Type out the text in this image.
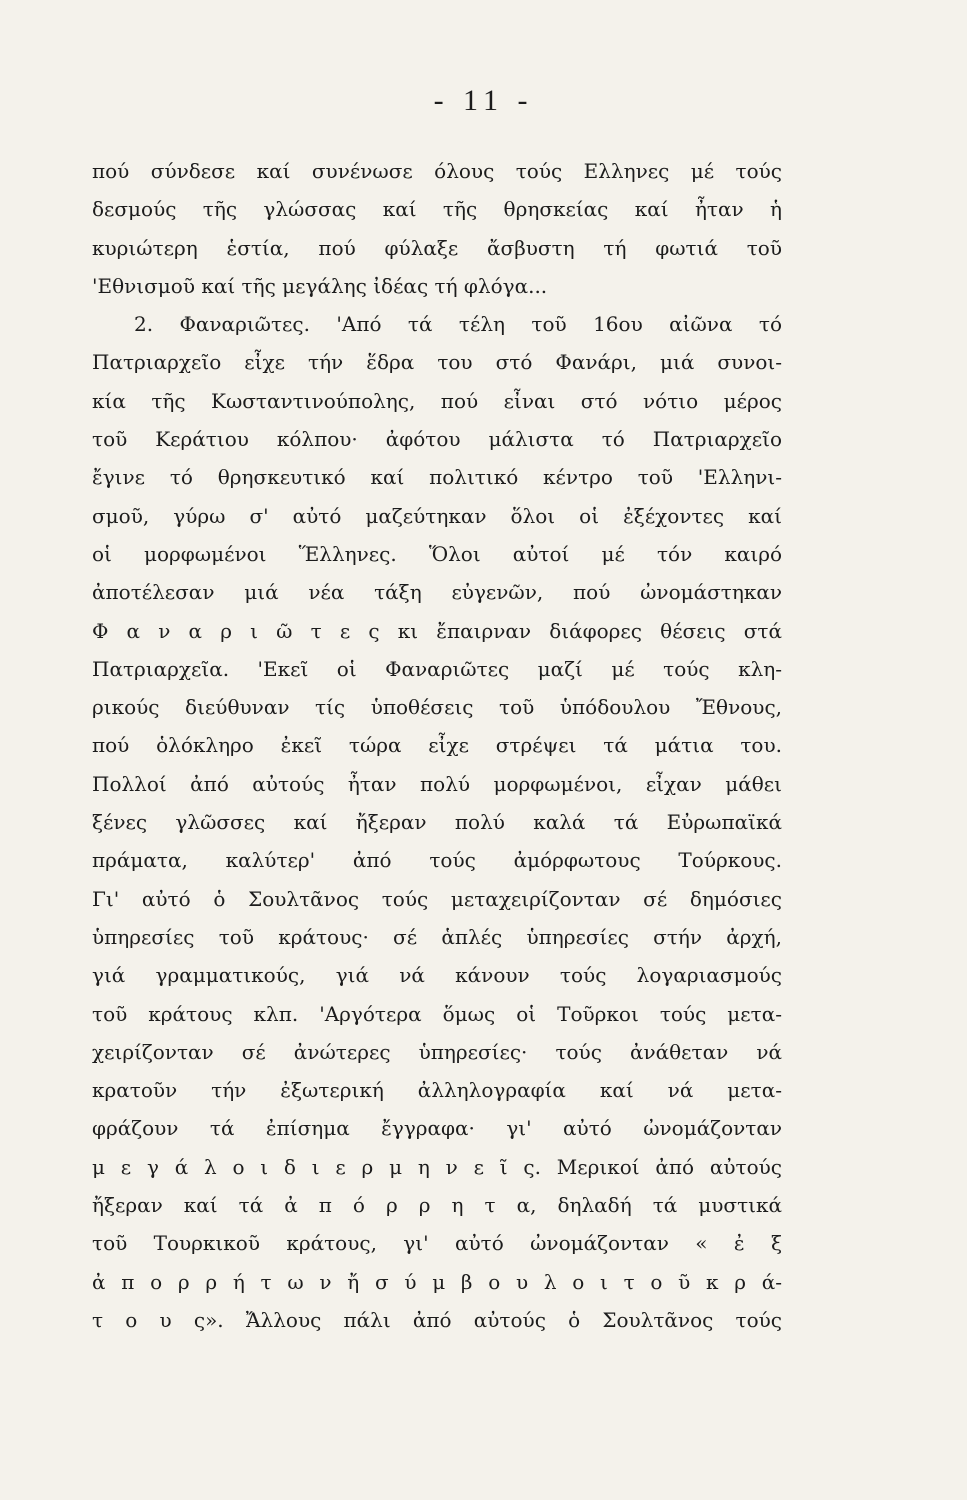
- 11 -
πού σύνδεσε καί συνένωσε όλους τούς Ελληνες μέ τούς
δεσμούς τῆς γλώσσας καί τῆς θρησκείας καί ἦταν ἡ
κυριώτερη ἑστία, πού φύλαξε ἄσβυστη τή φωτιά τοῦ
'Εθνισμοῦ καί τῆς μεγάλης ἰδέας τή φλόγα...
2. Φαναριῶτες. 'Από τά τέλη τοῦ 16ου αἰῶνα τό
Πατριαρχεῖο εἶχε τήν ἕδρα του στό Φανάρι, μιά συνοι-
κία τῆς Κωσταντινούπολης, πού εἶναι στό νότιο μέρος
τοῦ Κεράτιου κόλπου· ἀφότου μάλιστα τό Πατριαρχεῖο
ἔγινε τό θρησκευτικό καί πολιτικό κέντρο τοῦ 'Ελληνι-
σμοῦ, γύρω σ' αὐτό μαζεύτηκαν ὅλοι οἱ ἐξέχοντες καί
οἱ μορφωμένοι Ἕλληνες. Ὅλοι αὐτοί μέ τόν καιρό
ἀποτέλεσαν μιά νέα τάξη εὐγενῶν, πού ὠνομάστηκαν
Φ α ν α ρ ι ῶ τ ε ς κι ἔπαιρναν διάφορες θέσεις στά
Πατριαρχεῖα. 'Εκεῖ οἱ Φαναριῶτες μαζί μέ τούς κλη-
ρικούς διεύθυναν τίς ὑποθέσεις τοῦ ὑπόδουλου Ἔθνους,
πού ὁλόκληρο ἐκεῖ τώρα εἶχε στρέψει τά μάτια του.
Πολλοί ἀπό αὐτούς ἦταν πολύ μορφωμένοι, εἶχαν μάθει
ξένες γλῶσσες καί ἤξεραν πολύ καλά τά Εὐρωπαϊκά
πράματα, καλύτερ' ἀπό τούς ἀμόρφωτους Τούρκους.
Γι' αὐτό ὁ Σουλτᾶνος τούς μεταχειρίζονταν σέ δημόσιες
ὑπηρεσίες τοῦ κράτους· σέ ἁπλές ὑπηρεσίες στήν ἀρχή,
γιά γραμματικούς, γιά νά κάνουν τούς λογαριασμούς
τοῦ κράτους κλπ. 'Αργότερα ὅμως οἱ Τοῦρκοι τούς μετα-
χειρίζονταν σέ ἀνώτερες ὑπηρεσίες· τούς ἀνάθεταν νά
κρατοῦν τήν ἐξωτερική ἀλληλογραφία καί νά μετα-
φράζουν τά ἐπίσημα ἔγγραφα· γι' αὐτό ὠνομάζονταν
μ ε γ ά λ ο ι δ ι ε ρ μ η ν ε ῖ ς. Μερικοί ἀπό αὐτούς
ἤξεραν καί τά ἀ π ό ρ ρ η τ α, δηλαδή τά μυστικά
τοῦ Τουρκικοῦ κράτους, γι' αὐτό ὠνομάζονταν « ἐ ξ
ἀ π ο ρ ρ ή τ ω ν ἤ σ ύ μ β ο υ λ ο ι τ ο ῦ κ ρ ά-
τ ο υ ς». Ἄλλους πάλι ἀπό αὐτούς ὁ Σουλτᾶνος τούς
